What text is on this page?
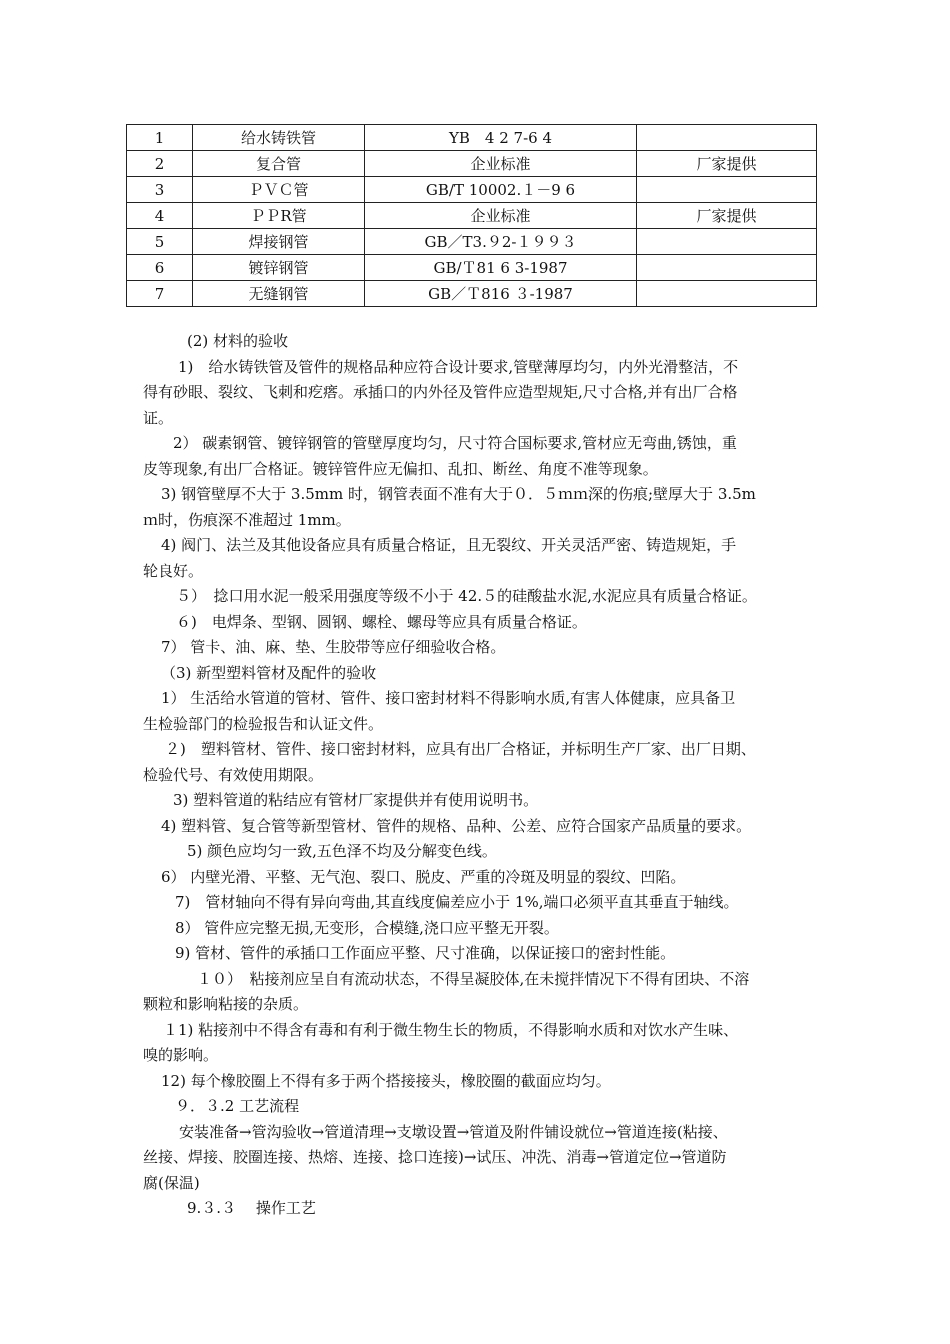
1	给水铸铁管	YB　4 2 7-6 4	
2	复合管	企业标准	厂家提供
3	ＰＶＣ管	GB/T 10002.１－9 6	
4	ＰＰR管	企业标准	厂家提供
5	焊接钢管	GB／T3.９2-１９９３	
6	镀锌钢管	GB/Ｔ81 6 3-1987	
7	无缝钢管	GB／Ｔ816 ３-1987	

(2) 材料的验收

1)　给水铸铁管及管件的规格品种应符合设计要求,管壁薄厚均匀，内外光滑整洁，不

得有砂眼、裂纹、飞刺和疙瘩。承插口的内外径及管件应造型规矩,尺寸合格,并有出厂合格

证。

2） 碳素钢管、镀锌钢管的管壁厚度均匀，尺寸符合国标要求,管材应无弯曲,锈蚀，重

皮等现象,有出厂合格证。镀锌管件应无偏扣、乱扣、断丝、角度不准等现象。

3) 钢管壁厚不大于 3.5mm 时，钢管表面不准有大于０．５ｍｍ深的伤痕;壁厚大于 3.5m

ｍ时，伤痕深不准超过 1mm。

4) 阀门、法兰及其他设备应具有质量合格证，且无裂纹、开关灵活严密、铸造规矩，手

轮良好。

５）　捻口用水泥一般采用强度等级不小于 42.５的硅酸盐水泥,水泥应具有质量合格证。

６)　电焊条、型钢、圆钢、螺栓、螺母等应具有质量合格证。

7） 管卡、油、麻、垫、生胶带等应仔细验收合格。

（3) 新型塑料管材及配件的验收

1） 生活给水管道的管材、管件、接口密封材料不得影响水质,有害人体健康，应具备卫

生检验部门的检验报告和认证文件。

２)　塑料管材、管件、接口密封材料，应具有出厂合格证，并标明生产厂家、出厂日期、

检验代号、有效使用期限。

3) 塑料管道的粘结应有管材厂家提供并有使用说明书。

4) 塑料管、复合管等新型管材、管件的规格、品种、公差、应符合国家产品质量的要求。

5) 颜色应均匀一致,五色泽不均及分解变色线。

6） 内壁光滑、平整、无气泡、裂口、脱皮、严重的冷斑及明显的裂纹、凹陷。

7)　管材轴向不得有异向弯曲,其直线度偏差应小于 1%,端口必须平直其垂直于轴线。

8） 管件应完整无损,无变形，合模缝,浇口应平整无开裂。

9) 管材、管件的承插口工作面应平整、尺寸准确，以保证接口的密封性能。

１０）　粘接剂应呈自有流动状态，不得呈凝胶体,在未搅拌情况下不得有团块、不溶

颗粒和影响粘接的杂质。

１1) 粘接剂中不得含有毒和有利于微生物生长的物质，不得影响水质和对饮水产生味、

嗅的影响。

12) 每个橡胶圈上不得有多于两个搭接接头，橡胶圈的截面应均匀。

９．３.2 工艺流程

安装准备→管沟验收→管道清理→支墩设置→管道及附件铺设就位→管道连接(粘接、

丝接、焊接、胶圈连接、热熔、连接、捻口连接)→试压、冲洗、消毒→管道定位→管道防

腐(保温)

9.３.３　 操作工艺
